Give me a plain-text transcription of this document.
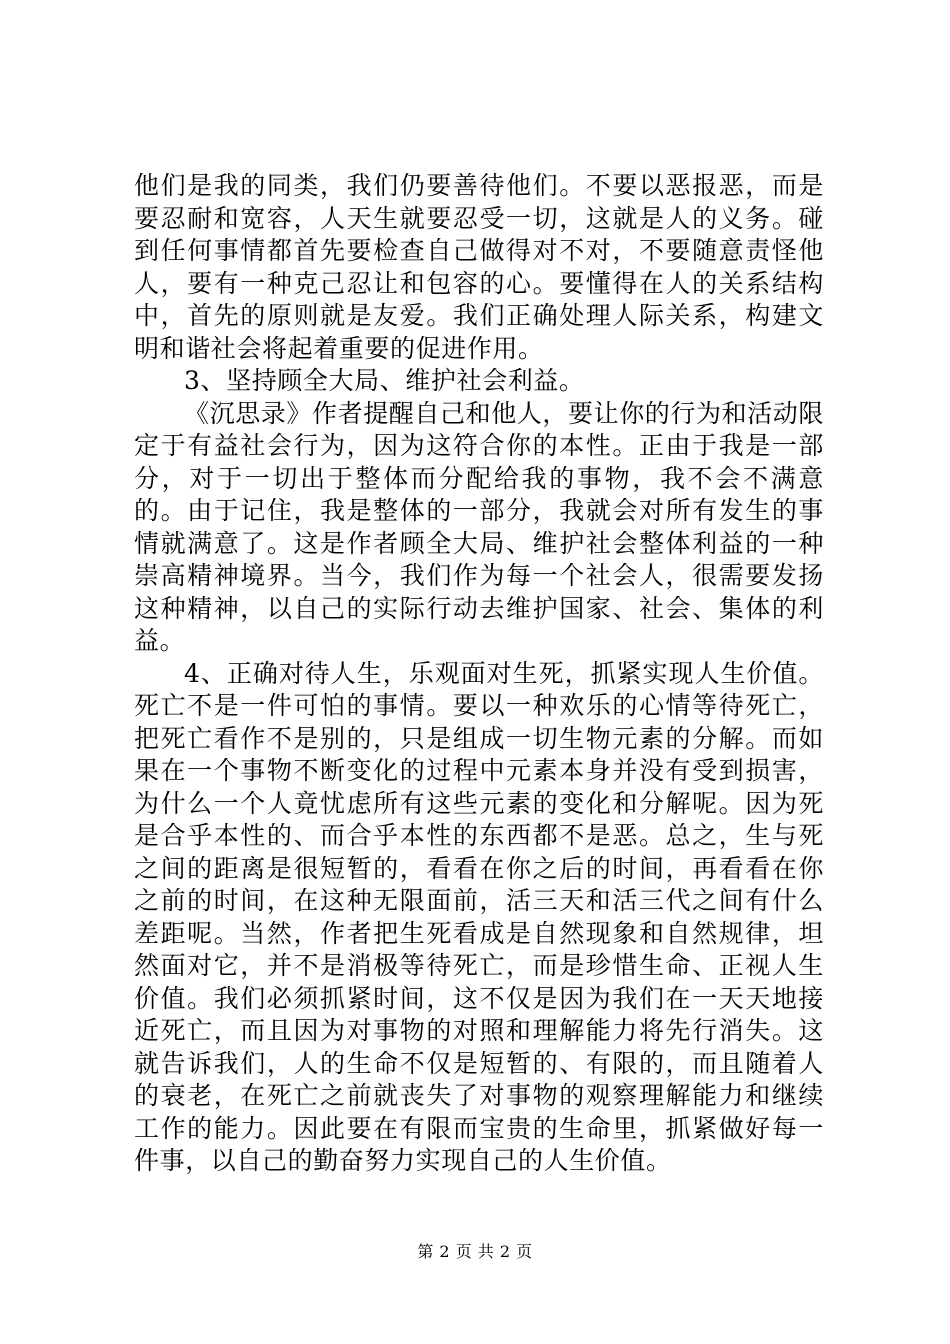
他们是我的同类，我们仍要善待他们。不要以恶报恶，而是要忍耐和宽容，人天生就要忍受一切，这就是人的义务。碰到任何事情都首先要检查自己做得对不对，不要随意责怪他人，要有一种克己忍让和包容的心。要懂得在人的关系结构中，首先的原则就是友爱。我们正确处理人际关系，构建文明和谐社会将起着重要的促进作用。

3、坚持顾全大局、维护社会利益。

《沉思录》作者提醒自己和他人，要让你的行为和活动限定于有益社会行为，因为这符合你的本性。正由于我是一部分，对于一切出于整体而分配给我的事物，我不会不满意的。由于记住，我是整体的一部分，我就会对所有发生的事情就满意了。这是作者顾全大局、维护社会整体利益的一种崇高精神境界。当今，我们作为每一个社会人，很需要发扬这种精神，以自己的实际行动去维护国家、社会、集体的利益。

4、正确对待人生，乐观面对生死，抓紧实现人生价值。死亡不是一件可怕的事情。要以一种欢乐的心情等待死亡，把死亡看作不是别的，只是组成一切生物元素的分解。而如果在一个事物不断变化的过程中元素本身并没有受到损害，为什么一个人竟忧虑所有这些元素的变化和分解呢。因为死是合乎本性的、而合乎本性的东西都不是恶。总之，生与死之间的距离是很短暂的，看看在你之后的时间，再看看在你之前的时间，在这种无限面前，活三天和活三代之间有什么差距呢。当然，作者把生死看成是自然现象和自然规律，坦然面对它，并不是消极等待死亡，而是珍惜生命、正视人生价值。我们必须抓紧时间，这不仅是因为我们在一天天地接近死亡，而且因为对事物的对照和理解能力将先行消失。这就告诉我们，人的生命不仅是短暂的、有限的，而且随着人的衰老，在死亡之前就丧失了对事物的观察理解能力和继续工作的能力。因此要在有限而宝贵的生命里，抓紧做好每一件事，以自己的勤奋努力实现自己的人生价值。

第 2 页 共 2 页
